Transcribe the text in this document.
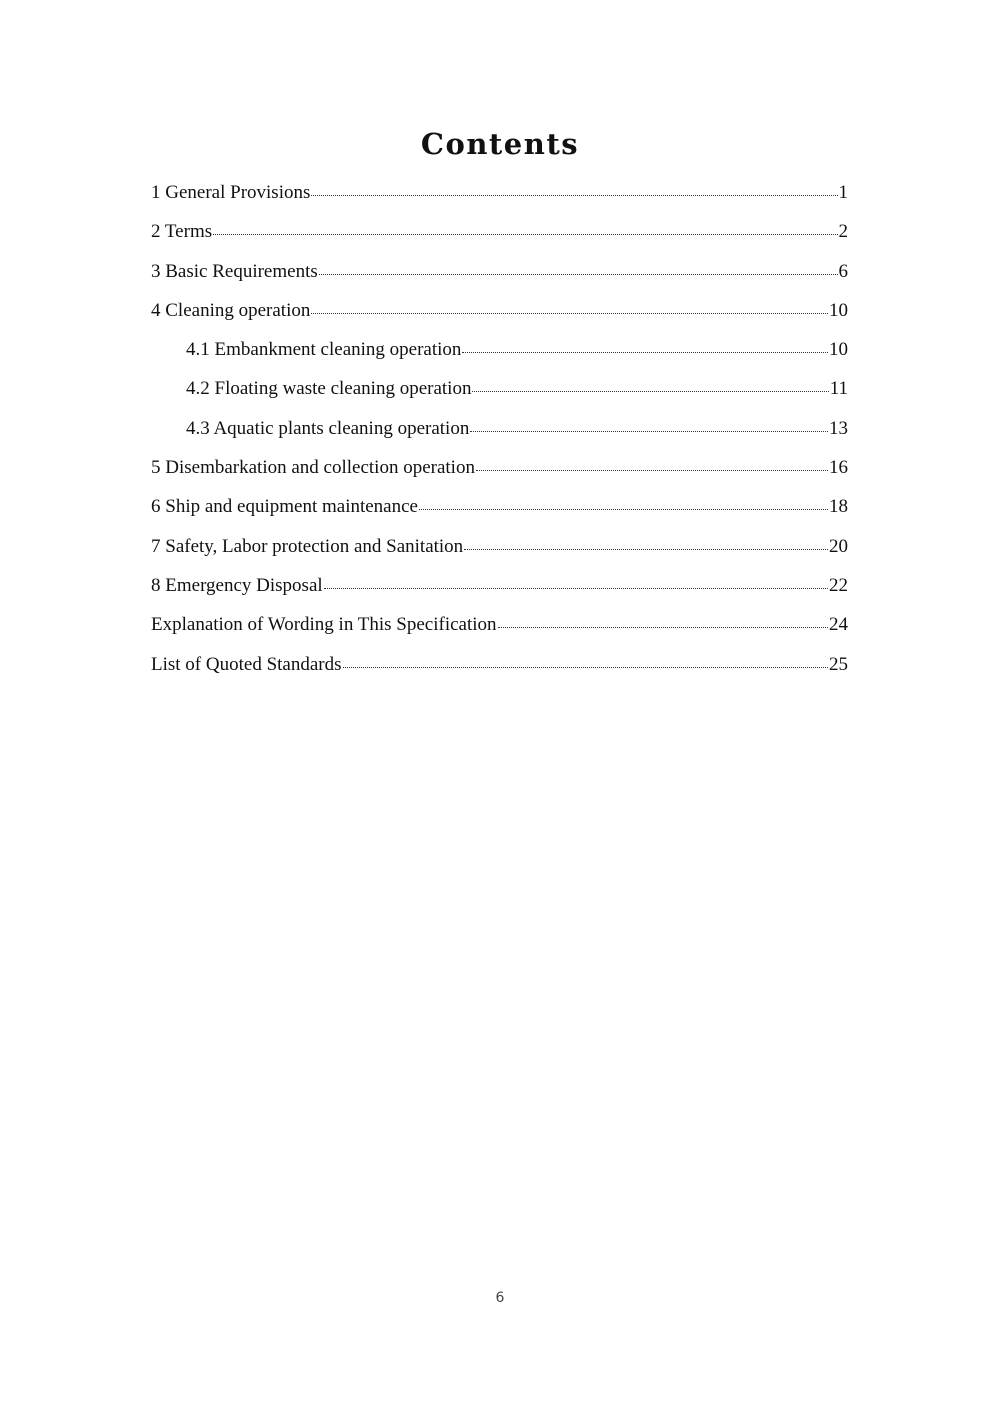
Contents
1 General Provisions	1
2 Terms	2
3 Basic Requirements	6
4 Cleaning operation	10
4.1 Embankment cleaning operation	10
4.2 Floating waste cleaning operation	11
4.3 Aquatic plants cleaning operation	13
5 Disembarkation and collection operation	16
6 Ship and equipment maintenance	18
7 Safety, Labor protection and Sanitation	20
8 Emergency Disposal	22
Explanation of Wording in This Specification	24
List of Quoted Standards	25
6
